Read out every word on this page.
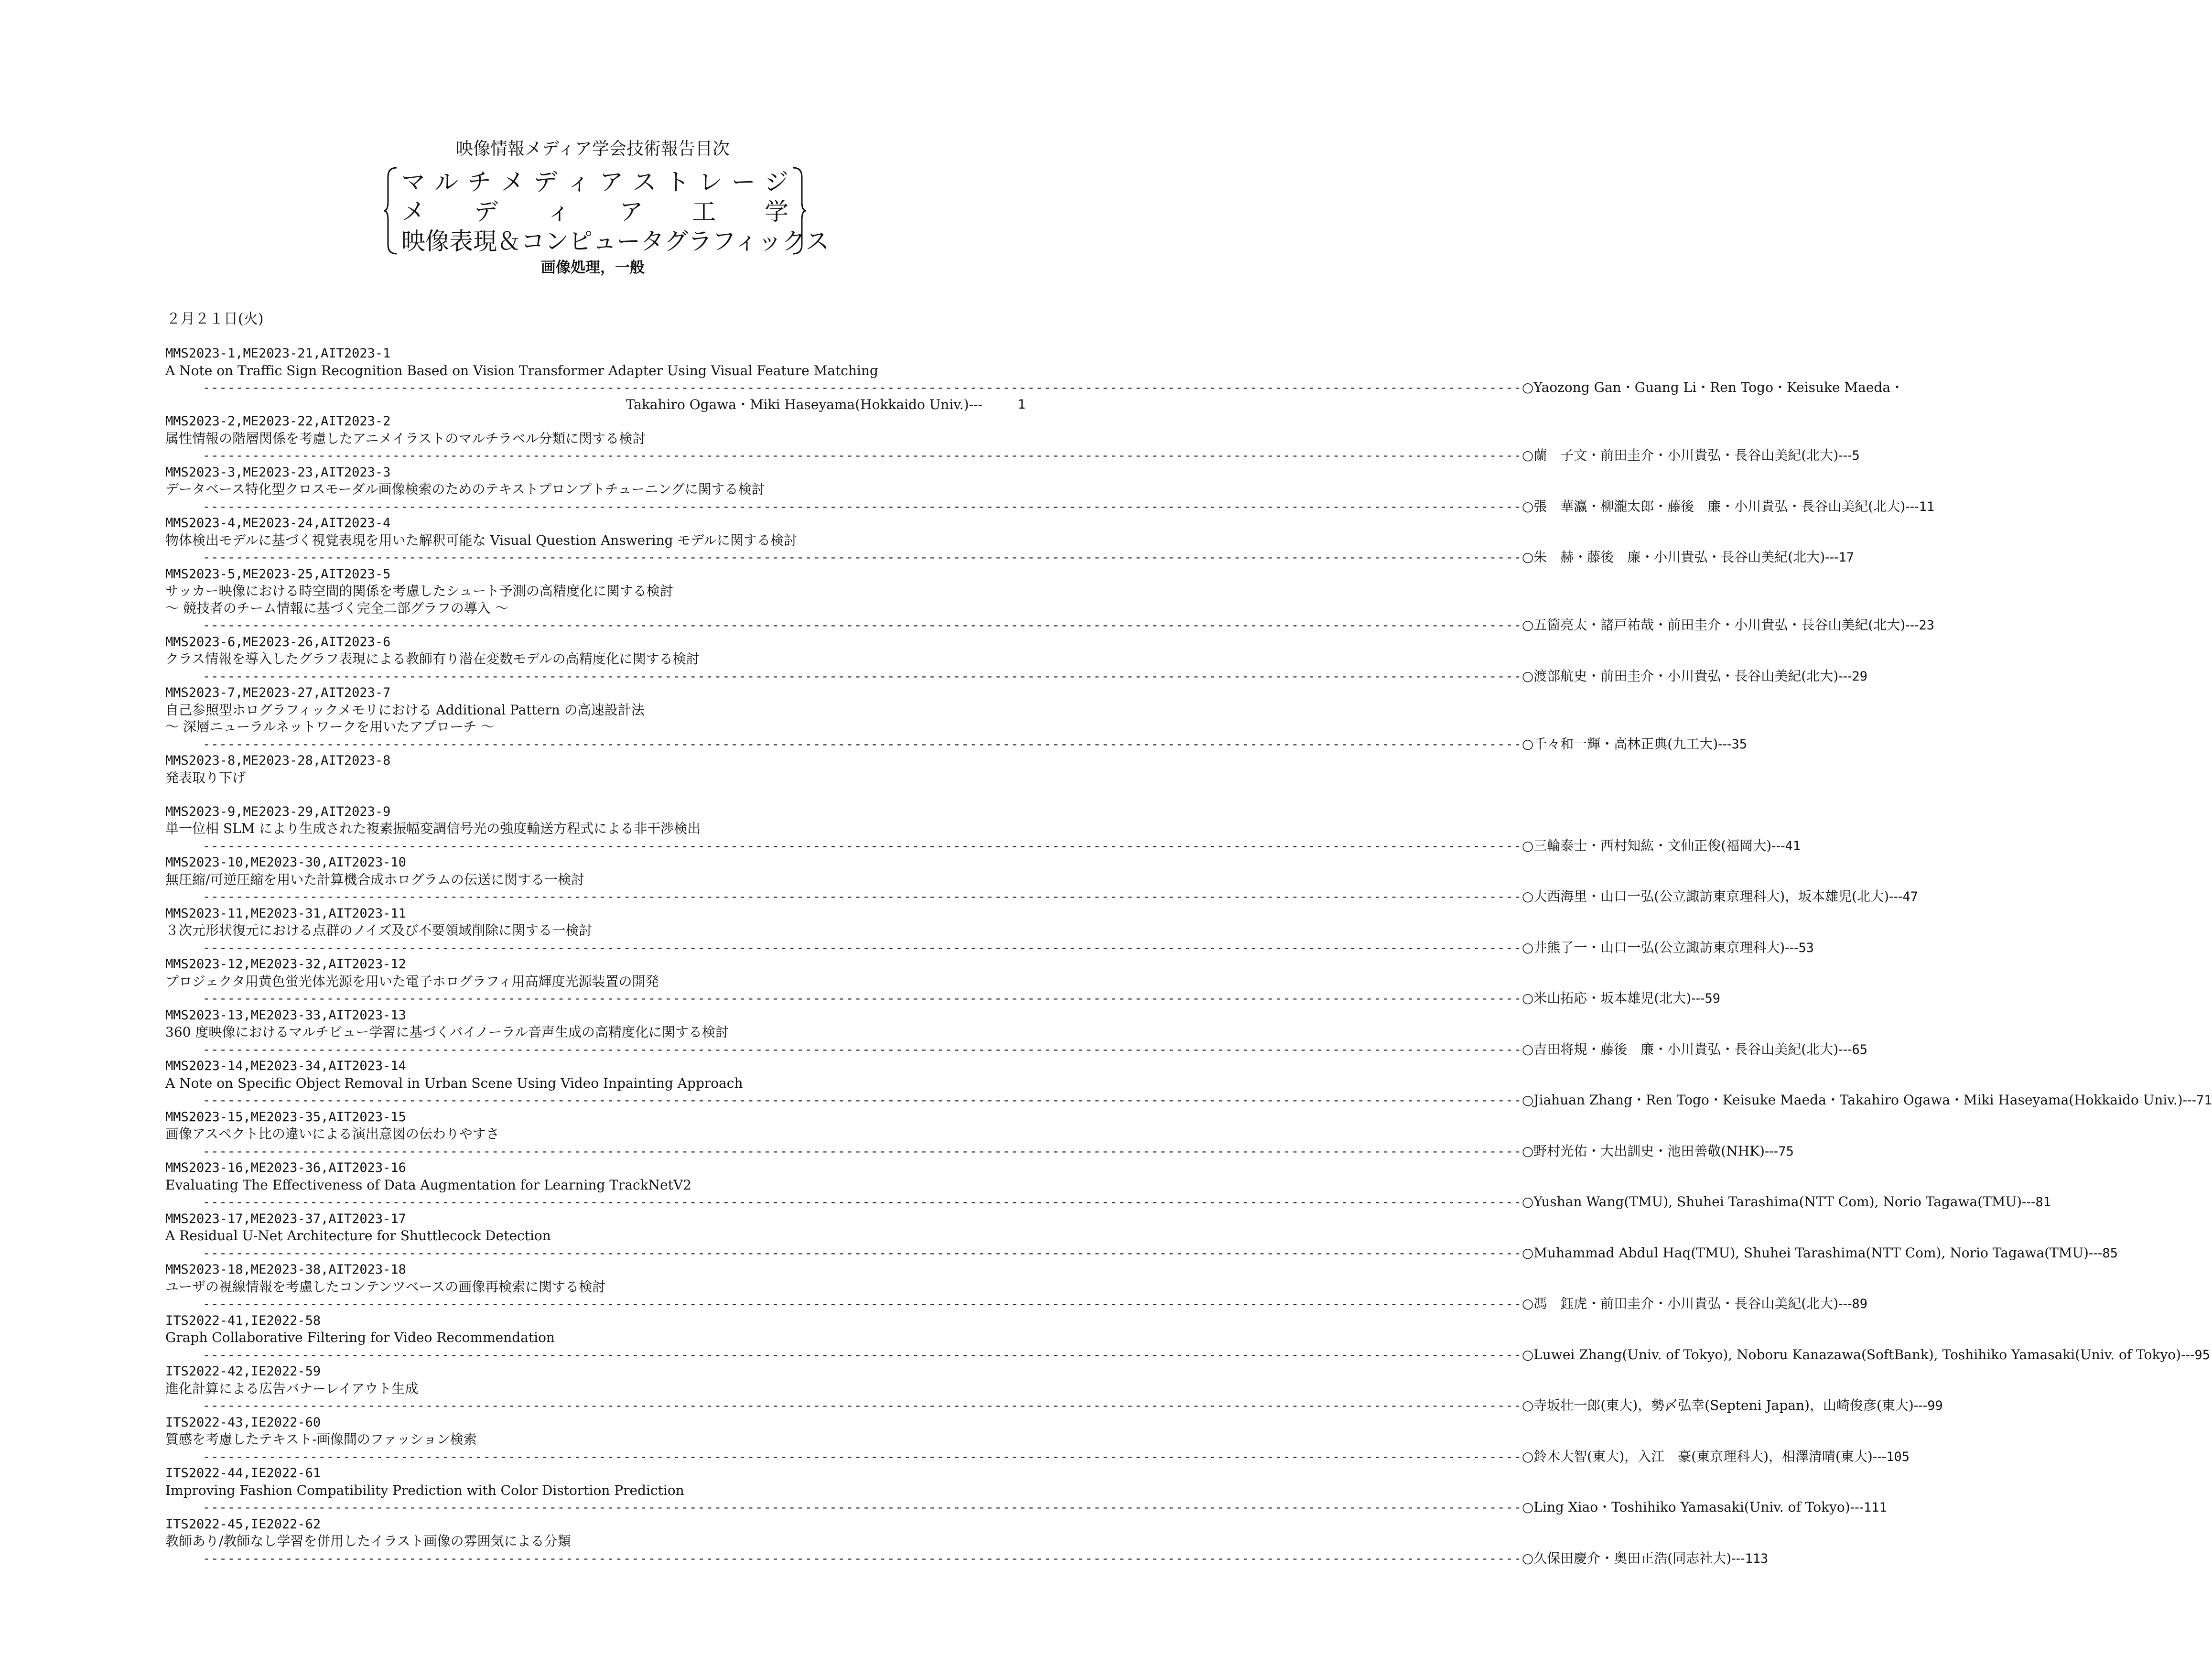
映像情報メディア学会技術報告目次
マ ル チ メ デ ィ ア ス ト レ ー ジ
メ デ ィ ア 工 学
映像表現＆コンピュータグラフィックス
画像処理，一般
２月２１日(火)
MMS2023-1,ME2023-21,AIT2023-1
A Note on Traffic Sign Recognition Based on Vision Transformer Adapter Using Visual Feature Matching
---------------------------------------------------------------------------------------------------------------------------------------------------------------- ○Yaozong Gan・Guang Li・Ren Togo・Keisuke Maeda・
Takahiro Ogawa・Miki Haseyama(Hokkaido Univ.)---	1
MMS2023-2,ME2023-22,AIT2023-2
属性情報の階層関係を考慮したアニメイラストのマルチラベル分類に関する検討
---------------------------------------------------------------------------------------------------------------------------------------------------------------- ○蘭　子文・前田圭介・小川貴弘・長谷山美紀(北大)--- 5
MMS2023-3,ME2023-23,AIT2023-3
データベース特化型クロスモーダル画像検索のためのテキストプロンプトチューニングに関する検討
---------------------------------------------------------------------------------------------------------------------------------------------------------------- ○張　華瀛・柳瀧太郎・藤後　廉・小川貴弘・長谷山美紀(北大)--- 11
MMS2023-4,ME2023-24,AIT2023-4
物体検出モデルに基づく視覚表現を用いた解釈可能な Visual Question Answering モデルに関する検討
---------------------------------------------------------------------------------------------------------------------------------------------------------------- ○朱　赫・藤後　廉・小川貴弘・長谷山美紀(北大)--- 17
MMS2023-5,ME2023-25,AIT2023-5
サッカー映像における時空間的関係を考慮したシュート予測の高精度化に関する検討
～ 競技者のチーム情報に基づく完全二部グラフの導入 ～
---------------------------------------------------------------------------------------------------------------------------------------------------------------- ○五箇亮太・諸戸祐哉・前田圭介・小川貴弘・長谷山美紀(北大)--- 23
MMS2023-6,ME2023-26,AIT2023-6
クラス情報を導入したグラフ表現による教師有り潜在変数モデルの高精度化に関する検討
---------------------------------------------------------------------------------------------------------------------------------------------------------------- ○渡部航史・前田圭介・小川貴弘・長谷山美紀(北大)--- 29
MMS2023-7,ME2023-27,AIT2023-7
自己参照型ホログラフィックメモリにおける Additional Pattern の高速設計法
～ 深層ニューラルネットワークを用いたアプローチ ～
---------------------------------------------------------------------------------------------------------------------------------------------------------------- ○千々和一輝・高林正典(九工大)--- 35
MMS2023-8,ME2023-28,AIT2023-8
発表取り下げ
MMS2023-9,ME2023-29,AIT2023-9
単一位相 SLM により生成された複素振幅変調信号光の強度輸送方程式による非干渉検出
---------------------------------------------------------------------------------------------------------------------------------------------------------------- ○三輪泰士・西村知紘・文仙正俊(福岡大)--- 41
MMS2023-10,ME2023-30,AIT2023-10
無圧縮/可逆圧縮を用いた計算機合成ホログラムの伝送に関する一検討
---------------------------------------------------------------------------------------------------------------------------------------------------------------- ○大西海里・山口一弘(公立諏訪東京理科大)，坂本雄児(北大)--- 47
MMS2023-11,ME2023-31,AIT2023-11
３次元形状復元における点群のノイズ及び不要領域削除に関する一検討
---------------------------------------------------------------------------------------------------------------------------------------------------------------- ○井熊了一・山口一弘(公立諏訪東京理科大)--- 53
MMS2023-12,ME2023-32,AIT2023-12
プロジェクタ用黄色蛍光体光源を用いた電子ホログラフィ用高輝度光源装置の開発
---------------------------------------------------------------------------------------------------------------------------------------------------------------- ○米山拓応・坂本雄児(北大)--- 59
MMS2023-13,ME2023-33,AIT2023-13
360 度映像におけるマルチビュー学習に基づくバイノーラル音声生成の高精度化に関する検討
---------------------------------------------------------------------------------------------------------------------------------------------------------------- ○吉田将規・藤後　廉・小川貴弘・長谷山美紀(北大)--- 65
MMS2023-14,ME2023-34,AIT2023-14
A Note on Specific Object Removal in Urban Scene Using Video Inpainting Approach
---------------------------------------------------------------------------------------------------------------------------------------------------------------- ○Jiahuan Zhang・Ren Togo・Keisuke Maeda・Takahiro Ogawa・Miki Haseyama(Hokkaido Univ.)--- 71
MMS2023-15,ME2023-35,AIT2023-15
画像アスペクト比の違いによる演出意図の伝わりやすさ
---------------------------------------------------------------------------------------------------------------------------------------------------------------- ○野村光佑・大出訓史・池田善敬(NHK)--- 75
MMS2023-16,ME2023-36,AIT2023-16
Evaluating The Effectiveness of Data Augmentation for Learning TrackNetV2
---------------------------------------------------------------------------------------------------------------------------------------------------------------- ○Yushan Wang(TMU), Shuhei Tarashima(NTT Com), Norio Tagawa(TMU)--- 81
MMS2023-17,ME2023-37,AIT2023-17
A Residual U-Net Architecture for Shuttlecock Detection
---------------------------------------------------------------------------------------------------------------------------------------------------------------- ○Muhammad Abdul Haq(TMU), Shuhei Tarashima(NTT Com), Norio Tagawa(TMU)--- 85
MMS2023-18,ME2023-38,AIT2023-18
ユーザの視線情報を考慮したコンテンツベースの画像再検索に関する検討
---------------------------------------------------------------------------------------------------------------------------------------------------------------- ○馮　鈺虎・前田圭介・小川貴弘・長谷山美紀(北大)--- 89
ITS2022-41,IE2022-58
Graph Collaborative Filtering for Video Recommendation
---------------------------------------------------------------------------------------------------------------------------------------------------------------- ○Luwei Zhang(Univ. of Tokyo), Noboru Kanazawa(SoftBank), Toshihiko Yamasaki(Univ. of Tokyo)--- 95
ITS2022-42,IE2022-59
進化計算による広告バナーレイアウト生成
---------------------------------------------------------------------------------------------------------------------------------------------------------------- ○寺坂壮一郎(東大)，勢〆弘幸(Septeni Japan)，山崎俊彦(東大)--- 99
ITS2022-43,IE2022-60
質感を考慮したテキスト-画像間のファッション検索
---------------------------------------------------------------------------------------------------------------------------------------------------------------- ○鈴木大智(東大)，入江　豪(東京理科大)，相澤清晴(東大)--- 105
ITS2022-44,IE2022-61
Improving Fashion Compatibility Prediction with Color Distortion Prediction
---------------------------------------------------------------------------------------------------------------------------------------------------------------- ○Ling Xiao・Toshihiko Yamasaki(Univ. of Tokyo)--- 111
ITS2022-45,IE2022-62
教師あり/教師なし学習を併用したイラスト画像の雰囲気による分類
---------------------------------------------------------------------------------------------------------------------------------------------------------------- ○久保田慶介・奥田正浩(同志社大)--- 113
